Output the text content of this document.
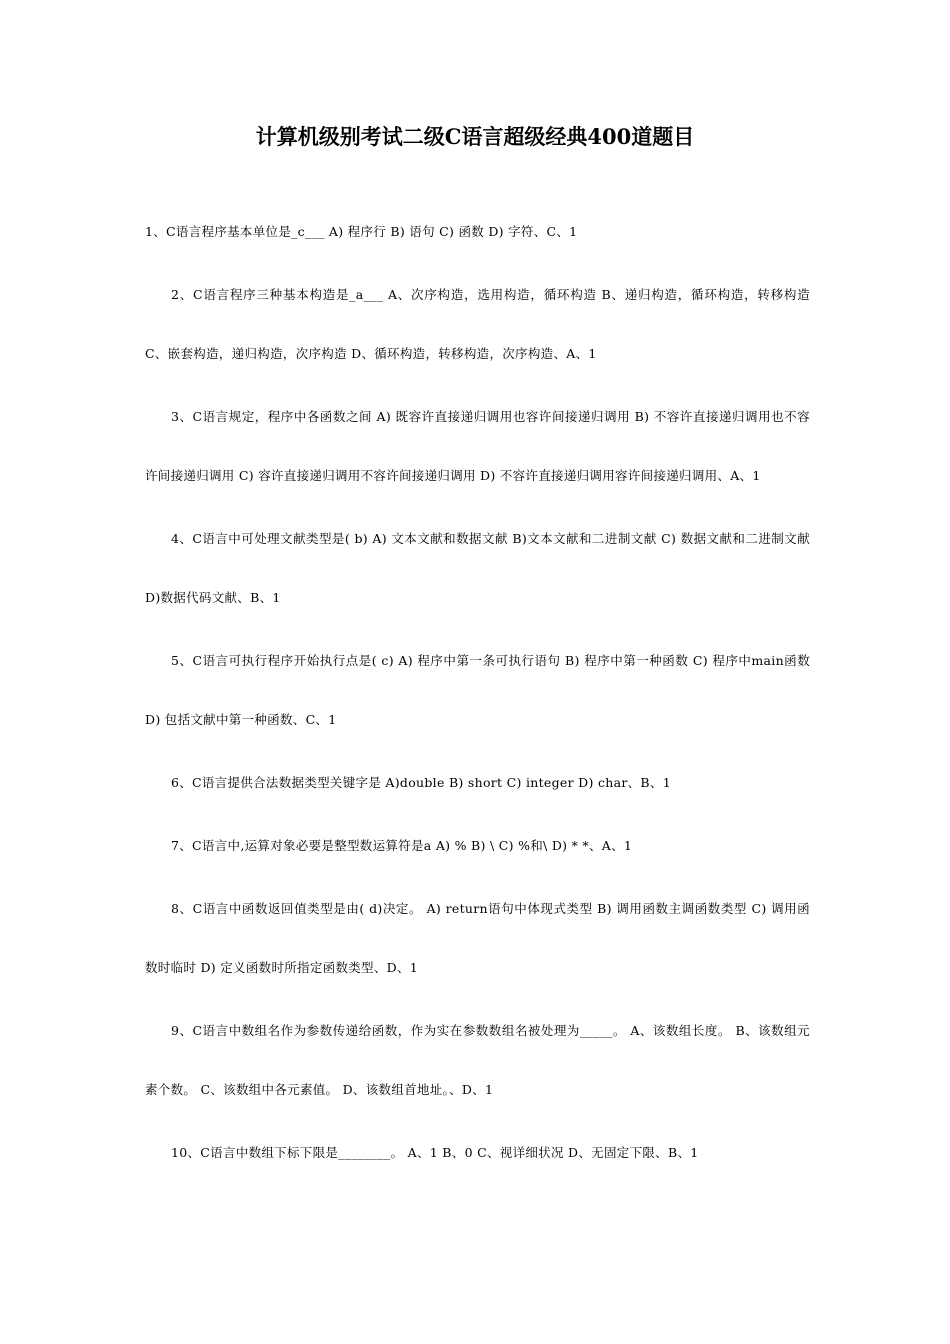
计算机级别考试二级C语言超级经典400道题目

1、C语言程序基本单位是_c___ A) 程序行 B) 语句 C) 函数 D) 字符、C、1

2、C语言程序三种基本构造是_a___ A、次序构造，选用构造，循环构造 B、递归构造，循环构造，转移构造 C、嵌套构造，递归构造，次序构造 D、循环构造，转移构造，次序构造、A、1

3、C语言规定，程序中各函数之间 A) 既容许直接递归调用也容许间接递归调用 B) 不容许直接递归调用也不容许间接递归调用 C) 容许直接递归调用不容许间接递归调用 D) 不容许直接递归调用容许间接递归调用、A、1

4、C语言中可处理文献类型是( b) A) 文本文献和数据文献 B)文本文献和二进制文献 C) 数据文献和二进制文献 D)数据代码文献、B、1

5、C语言可执行程序开始执行点是( c) A) 程序中第一条可执行语句 B) 程序中第一种函数 C) 程序中main函数 D) 包括文献中第一种函数、C、1

6、C语言提供合法数据类型关键字是 A)double B) short C) integer D) char、B、1

7、C语言中,运算对象必要是整型数运算符是a A) % B) \ C) %和\ D) * *、A、1

8、C语言中函数返回值类型是由( d)决定。 A) return语句中体现式类型 B) 调用函数主调函数类型 C) 调用函数时临时 D) 定义函数时所指定函数类型、D、1

9、C语言中数组名作为参数传递给函数，作为实在参数数组名被处理为_____。 A、该数组长度。 B、该数组元素个数。 C、该数组中各元素值。 D、该数组首地址。、D、1

10、C语言中数组下标下限是________。 A、1 B、0 C、视详细状况 D、无固定下限、B、1
